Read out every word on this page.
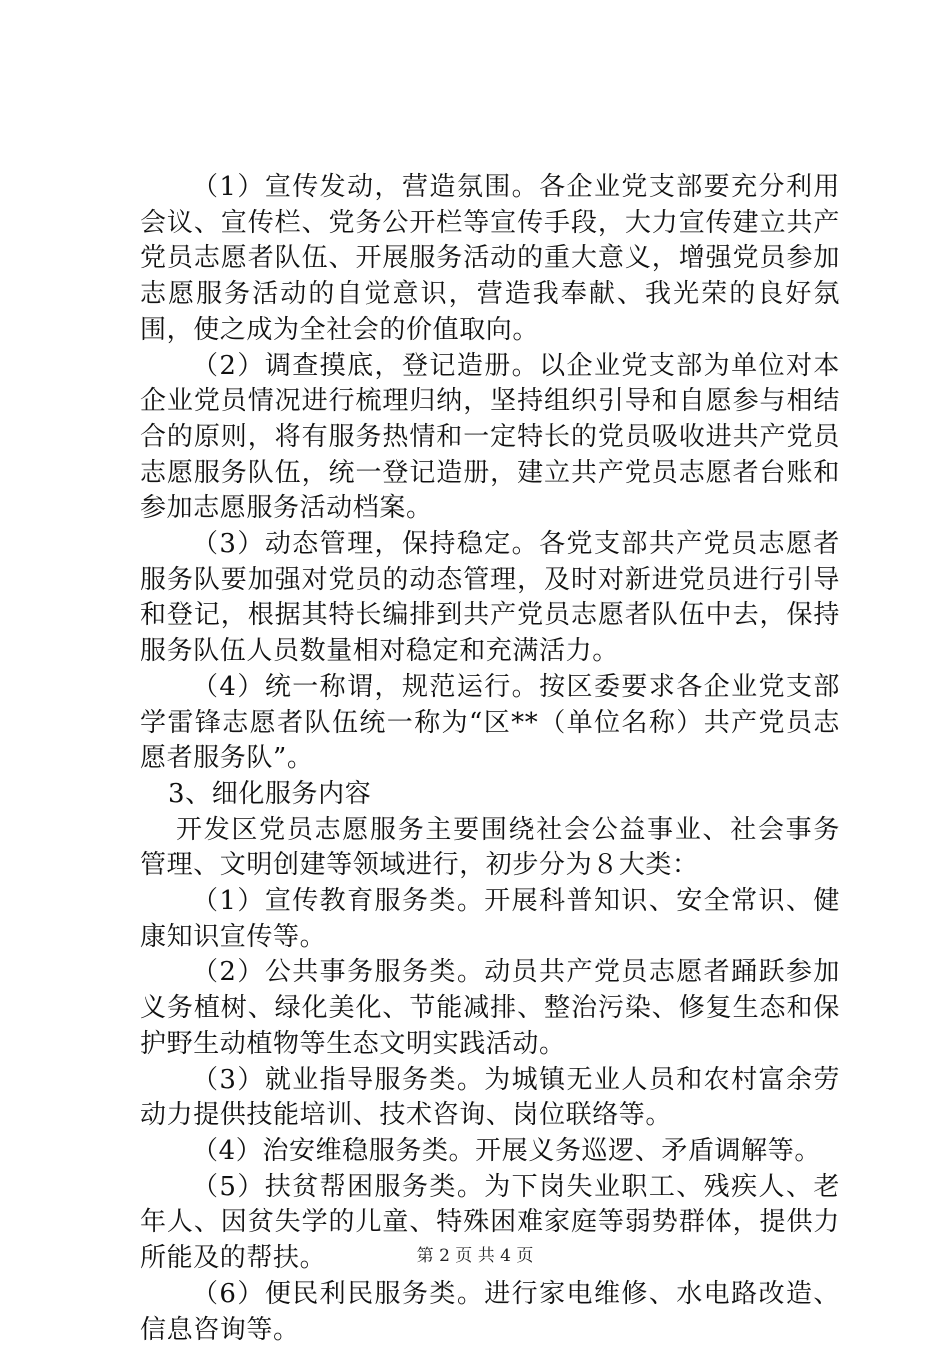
（1）宣传发动，营造氛围。各企业党支部要充分利用会议、宣传栏、党务公开栏等宣传手段，大力宣传建立共产党员志愿者队伍、开展服务活动的重大意义，增强党员参加志愿服务活动的自觉意识，营造我奉献、我光荣的良好氛围，使之成为全社会的价值取向。

（2）调查摸底，登记造册。以企业党支部为单位对本企业党员情况进行梳理归纳，坚持组织引导和自愿参与相结合的原则，将有服务热情和一定特长的党员吸收进共产党员志愿服务队伍，统一登记造册，建立共产党员志愿者台账和参加志愿服务活动档案。

（3）动态管理，保持稳定。各党支部共产党员志愿者服务队要加强对党员的动态管理，及时对新进党员进行引导和登记，根据其特长编排到共产党员志愿者队伍中去，保持服务队伍人员数量相对稳定和充满活力。

（4）统一称谓，规范运行。按区委要求各企业党支部学雷锋志愿者队伍统一称为“区**（单位名称）共产党员志愿者服务队”。

3、细化服务内容

开发区党员志愿服务主要围绕社会公益事业、社会事务管理、文明创建等领域进行，初步分为８大类：

（1）宣传教育服务类。开展科普知识、安全常识、健康知识宣传等。

（2）公共事务服务类。动员共产党员志愿者踊跃参加义务植树、绿化美化、节能减排、整治污染、修复生态和保护野生动植物等生态文明实践活动。

（3）就业指导服务类。为城镇无业人员和农村富余劳动力提供技能培训、技术咨询、岗位联络等。

（4）治安维稳服务类。开展义务巡逻、矛盾调解等。

（5）扶贫帮困服务类。为下岗失业职工、残疾人、老年人、因贫失学的儿童、特殊困难家庭等弱势群体，提供力所能及的帮扶。

（6）便民利民服务类。进行家电维修、水电路改造、信息咨询等。

第 2 页 共 4 页
